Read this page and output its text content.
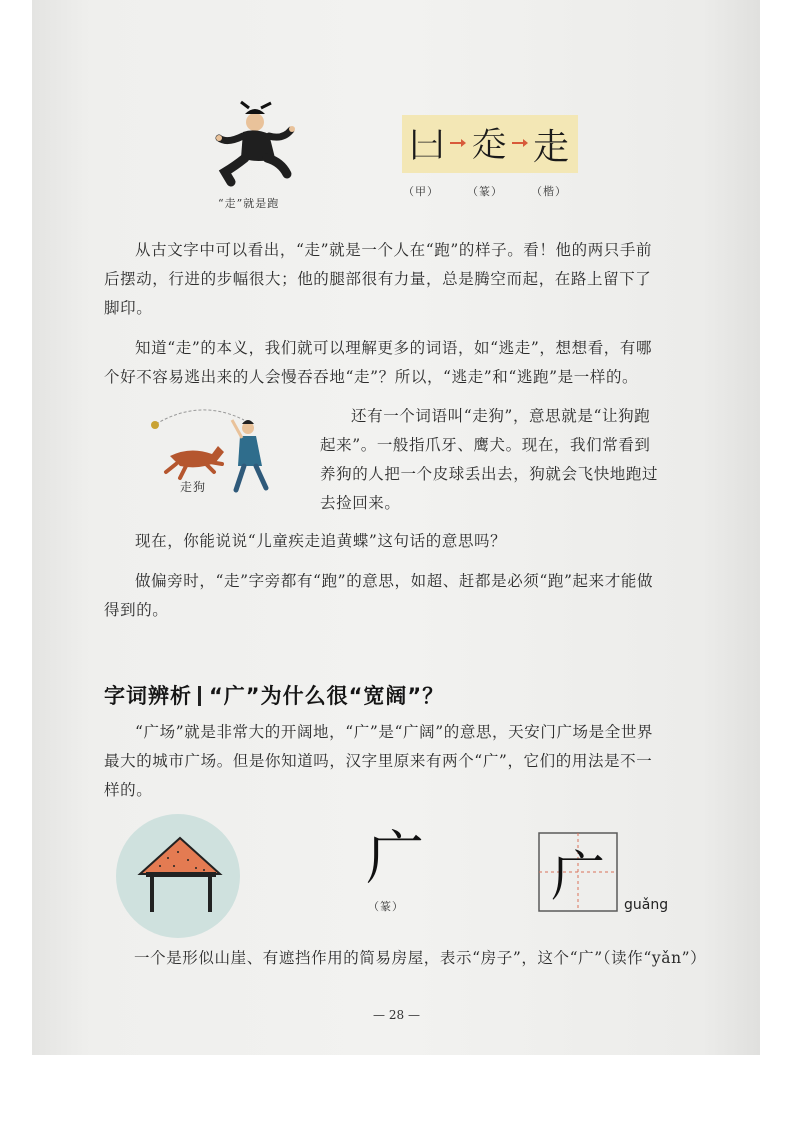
“走”就是跑
𠙵 𧺆 走
（甲）	（篆）	（楷）
从古文字中可以看出，“走”就是一个人在“跑”的样子。看！他的两只手前后摆动，行进的步幅很大；他的腿部很有力量，总是腾空而起，在路上留下了脚印。
知道“走”的本义，我们就可以理解更多的词语，如“逃走”，想想看，有哪个好不容易逃出来的人会慢吞吞地“走”？所以，“逃走”和“逃跑”是一样的。
走狗
还有一个词语叫“走狗”，意思就是“让狗跑起来”。一般指爪牙、鹰犬。现在，我们常看到养狗的人把一个皮球丢出去，狗就会飞快地跑过去捡回来。
现在，你能说说“儿童疾走追黄蝶”这句话的意思吗？
做偏旁时，“走”字旁都有“跑”的意思，如超、赶都是必须“跑”起来才能做得到的。
字词辨析 “广”为什么很“宽阔”？
“广场”就是非常大的开阔地，“广”是“广阔”的意思，天安门广场是全世界最大的城市广场。但是你知道吗，汉字里原来有两个“广”，它们的用法是不一样的。
广
（篆）	广	guǎng
一个是形似山崖、有遮挡作用的简易房屋，表示“房子”，这个“广”（读作“yǎn”）
— 28 —
